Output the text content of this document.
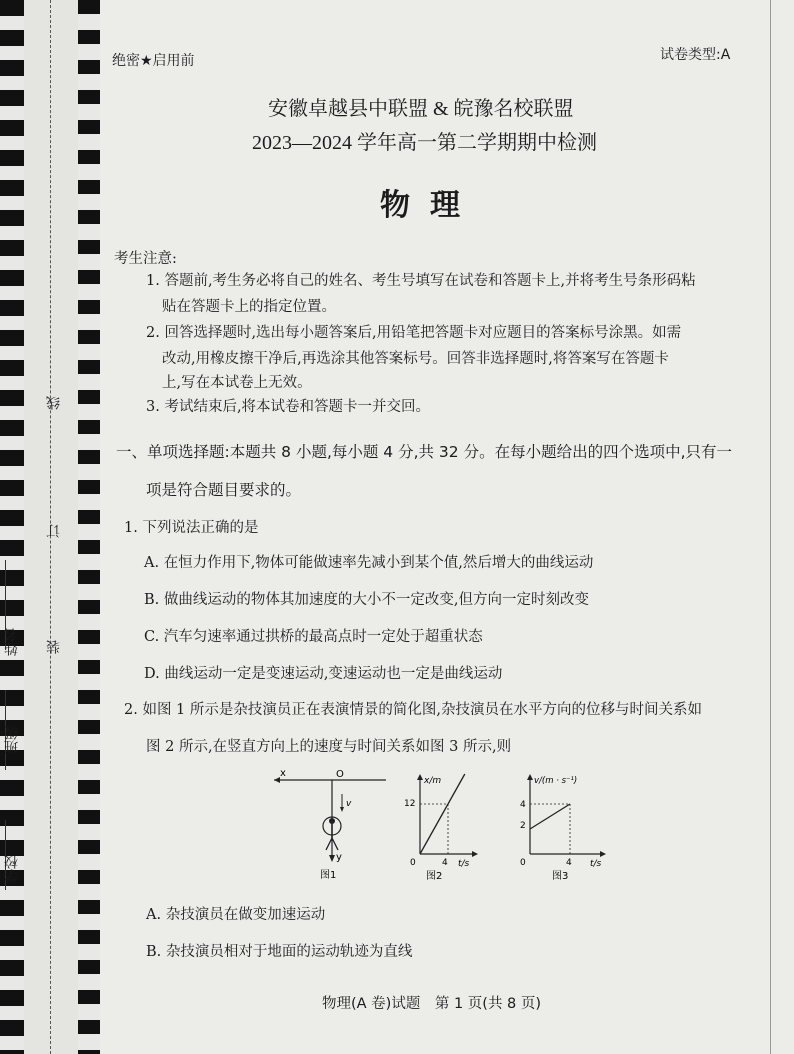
学校
班级
姓名 装
订
线
绝密★启用前	试卷类型:A
安徽卓越县中联盟 & 皖豫名校联盟
2023—2024 学年高一第二学期期中检测
物理
考生注意:
1. 答题前,考生务必将自己的姓名、考生号填写在试卷和答题卡上,并将考生号条形码粘
贴在答题卡上的指定位置。
2. 回答选择题时,选出每小题答案后,用铅笔把答题卡对应题目的答案标号涂黑。如需
改动,用橡皮擦干净后,再选涂其他答案标号。回答非选择题时,将答案写在答题卡
上,写在本试卷上无效。
3. 考试结束后,将本试卷和答题卡一并交回。
一、单项选择题:本题共 8 小题,每小题 4 分,共 32 分。在每小题给出的四个选项中,只有一
项是符合题目要求的。
1. 下列说法正确的是
A. 在恒力作用下,物体可能做速率先减小到某个值,然后增大的曲线运动
B. 做曲线运动的物体其加速度的大小不一定改变,但方向一定时刻改变
C. 汽车匀速率通过拱桥的最高点时一定处于超重状态
D. 曲线运动一定是变速运动,变速运动也一定是曲线运动
2. 如图 1 所示是杂技演员正在表演情景的简化图,杂技演员在水平方向的位移与时间关系如
图 2 所示,在竖直方向上的速度与时间关系如图 3 所示,则
x	O
y
v
图1
x/m
t/s
0
12
4
图2
v/(m · s⁻¹)
t/s
0
4
2
4
图3
A. 杂技演员在做变加速运动
B. 杂技演员相对于地面的运动轨迹为直线
物理(A 卷)试题　第 1 页(共 8 页)
